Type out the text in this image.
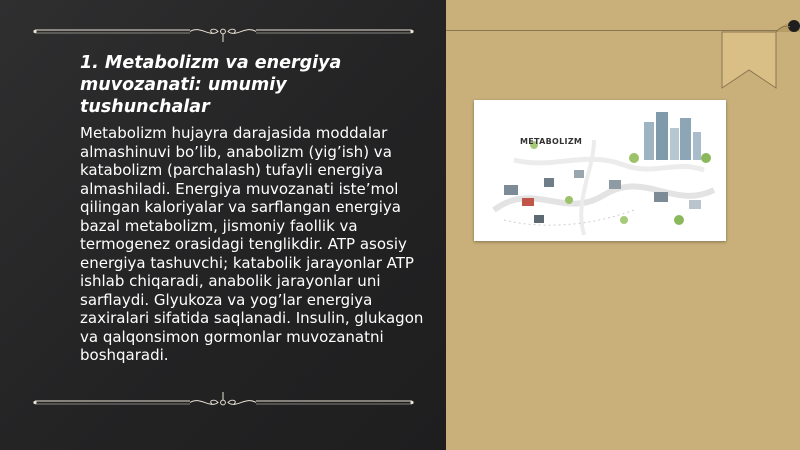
1. Metabolizm va energiya muvozanati: umumiy tushunchalar

Metabolizm hujayra darajasida moddalar almashinuvi bo’lib, anabolizm (yig’ish) va katabolizm (parchalash) tufayli energiya almashiladi. Energiya muvozanati iste’mol qilingan kaloriyalar va sarflangan energiya bazal metabolizm, jismoniy faollik va termogenez orasidagi tenglikdir. ATP asosiy energiya tashuvchi; katabolik jarayonlar ATP ishlab chiqaradi, anabolik jarayonlar uni sarflaydi. Glyukoza va yog’lar energiya zaxiralari sifatida saqlanadi. Insulin, glukagon va qalqonsimon gormonlar muvozanatni boshqaradi.

METABOLIZM
